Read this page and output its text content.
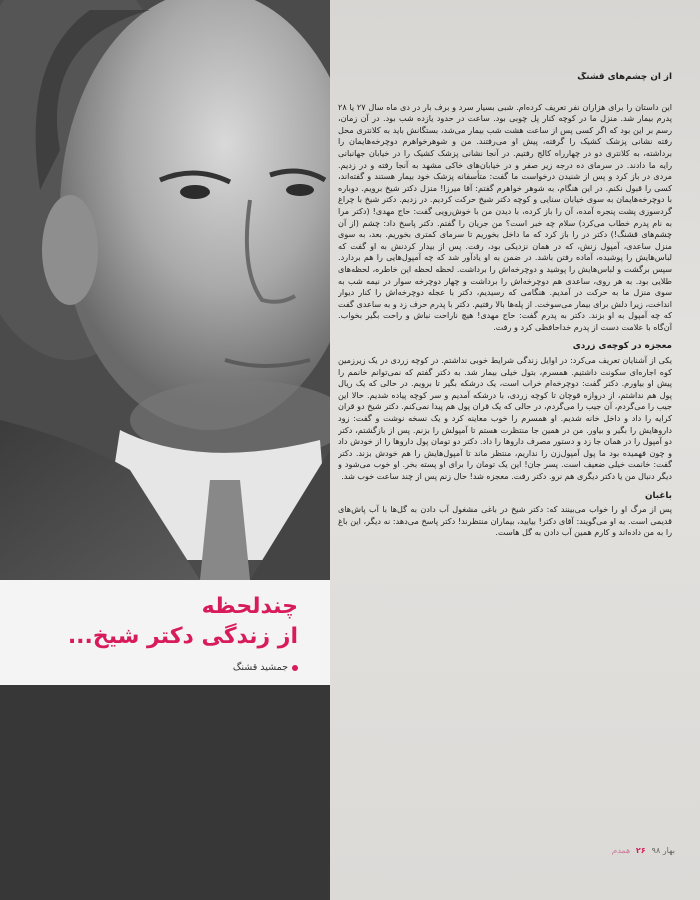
چندلحظه
از زندگی دکتر شیخ...
جمشید قشنگ
از آن چشم‌های قشنگ

این داستان را برای هزاران نفر تعریف کرده‌ام. شبی بسیار سرد و برف بار در دی ماه سال ۲۷ یا ۲۸ پدرم بیمار شد. منزل ما در کوچه کنار پل چوبی بود. ساعت در حدود یازده شب بود. در آن زمان، رسم بر این بود که اگر کسی پس از ساعت هشت شب بیمار می‌شد، بستگانش باید به کلانتری محل رفته نشانی پزشک کشیک را گرفته، پیش او می‌رفتند. من و شوهرخواهرم دوچرخه‌هایمان را برداشته، به کلانتری دو در چهارراه کالج رفتیم. در آنجا نشانی پزشک کشیک را در خیابان جهانبانی رایه ما دادند. در سرمای ده درجه زیر صفر و در خیابان‌های خاکی مشهد به آنجا رفته و در زدیم. مردی در باز کرد و پس از شنیدن درخواست ما گفت: متأسفانه پزشک خود بیمار هستند و گفته‌اند، کسی را قبول نکنم. در این هنگام، به شوهر خواهرم گفتم: آقا میرزا! منزل دکتر شیخ برویم. دوباره با دوچرخه‌هایمان به سوی خیابان سنایی و کوچه دکتر شیخ حرکت کردیم. در زدیم. دکتر شیخ با چراغ گردسوزی پشت پنجره آمده، آن را باز کرده، با دیدن من با خوش‌رویی گفت: حاج مهدی! (دکتر مرا به نام پدرم خطاب می‌کرد) سلام چه خبر است؟ من جریان را گفتم. دکتر پاسخ داد: چشم (از آن چشم‌های قشنگ!) دکتر در را باز کرد که ما داخل بخوریم تا سرمای کمتری بخوریم. بعد، به سوی منزل ساعدی، آمپول زنش، که در همان نزدیکی بود، رفت. پس از بیدار کردنش به او گفت که لباس‌هایش را پوشیده، آماده رفتن باشد. در ضمن به او یادآور شد که چه آمپول‌هایی را هم بردارد. سپس برگشت و لباس‌هایش را پوشید و دوچرخه‌اش را برداشت. لحظه لحظه این خاطره، لحظه‌های طلایی بود. به هر روی، ساعدی هم دوچرخه‌اش را برداشت و چهار دوچرخه سوار در نیمه شب به سوی منزل ما به حرکت در آمدیم. هنگامی که رسیدیم، دکتر با عجله دوچرخه‌اش را کنار دیوار انداخت، زیرا دلش برای بیمار می‌سوخت. از پله‌ها بالا رفتیم. دکتر با پدرم حرف زد و به ساعدی گفت که چه آمپول به او بزند. دکتر به پدرم گفت: حاج مهدی! هیچ ناراحت نباش و راحت بگیر بخواب. آن‌گاه با علامت دست از پدرم خداحافظی کرد و رفت.

معجزه در کوچه‌ی زردی

یکی از آشنایان تعریف می‌کرد: در اوایل زندگی شرایط خوبی نداشتم. در کوچه زردی در یک زیرزمین کوه اجاره‌ای سکونت داشتیم. همسرم، بتول خیلی بیمار شد. به دکتر گفتم که نمی‌توانم خانمم را پیش او بیاورم. دکتر گفت: دوچرخه‌ام خراب است، یک درشکه بگیر تا برویم. در حالی که یک ریال پول هم نداشتم، از دروازه قوچان تا کوچه زردی، با درشکه آمدیم و سر کوچه پیاده شدیم. حالا این جیب را می‌گردم، آن جیب را می‌گردم، در حالی که یک قران پول هم پیدا نمی‌کنم. دکتر شیخ دو قران کرایه را داد و داخل خانه شدیم. او همسرم را خوب معاینه کرد و یک نسخه نوشت و گفت: زود داروهایش را بگیر و بیاور. من در همین جا منتظرت هستم تا آمپولش را بزنم. پس از بازگشتم، دکتر دو آمپول را در همان جا زد و دستور مصرف داروها را داد. دکتر دو تومان پول داروها را از خودش داد و چون فهمیده بود ما پول آمپول‌زن را نداریم، منتظر ماند تا آمپول‌هایش را هم خودش بزند. دکتر گفت: خانمت خیلی ضعیف است. پسر جان! این یک تومان را برای او پسته بخر. او خوب می‌شود و دیگر دنبال من یا دکتر دیگری هم نرو. دکتر رفت. معجزه شد! حال زنم پس از چند ساعت خوب شد.

باغبان

پس از مرگ او را خواب می‌بینند که: دکتر شیخ در باغی مشغول آب دادن به گل‌ها با آب پاش‌های قدیمی است. به او می‌گویند: آقای دکتر! بیایید، بیماران منتظرند! دکتر پاسخ می‌دهد: نه دیگر، این باغ را به من داده‌اند و کارم همین آب دادن به گل هاست.

بهار ۹۸
۲۶
همدم
